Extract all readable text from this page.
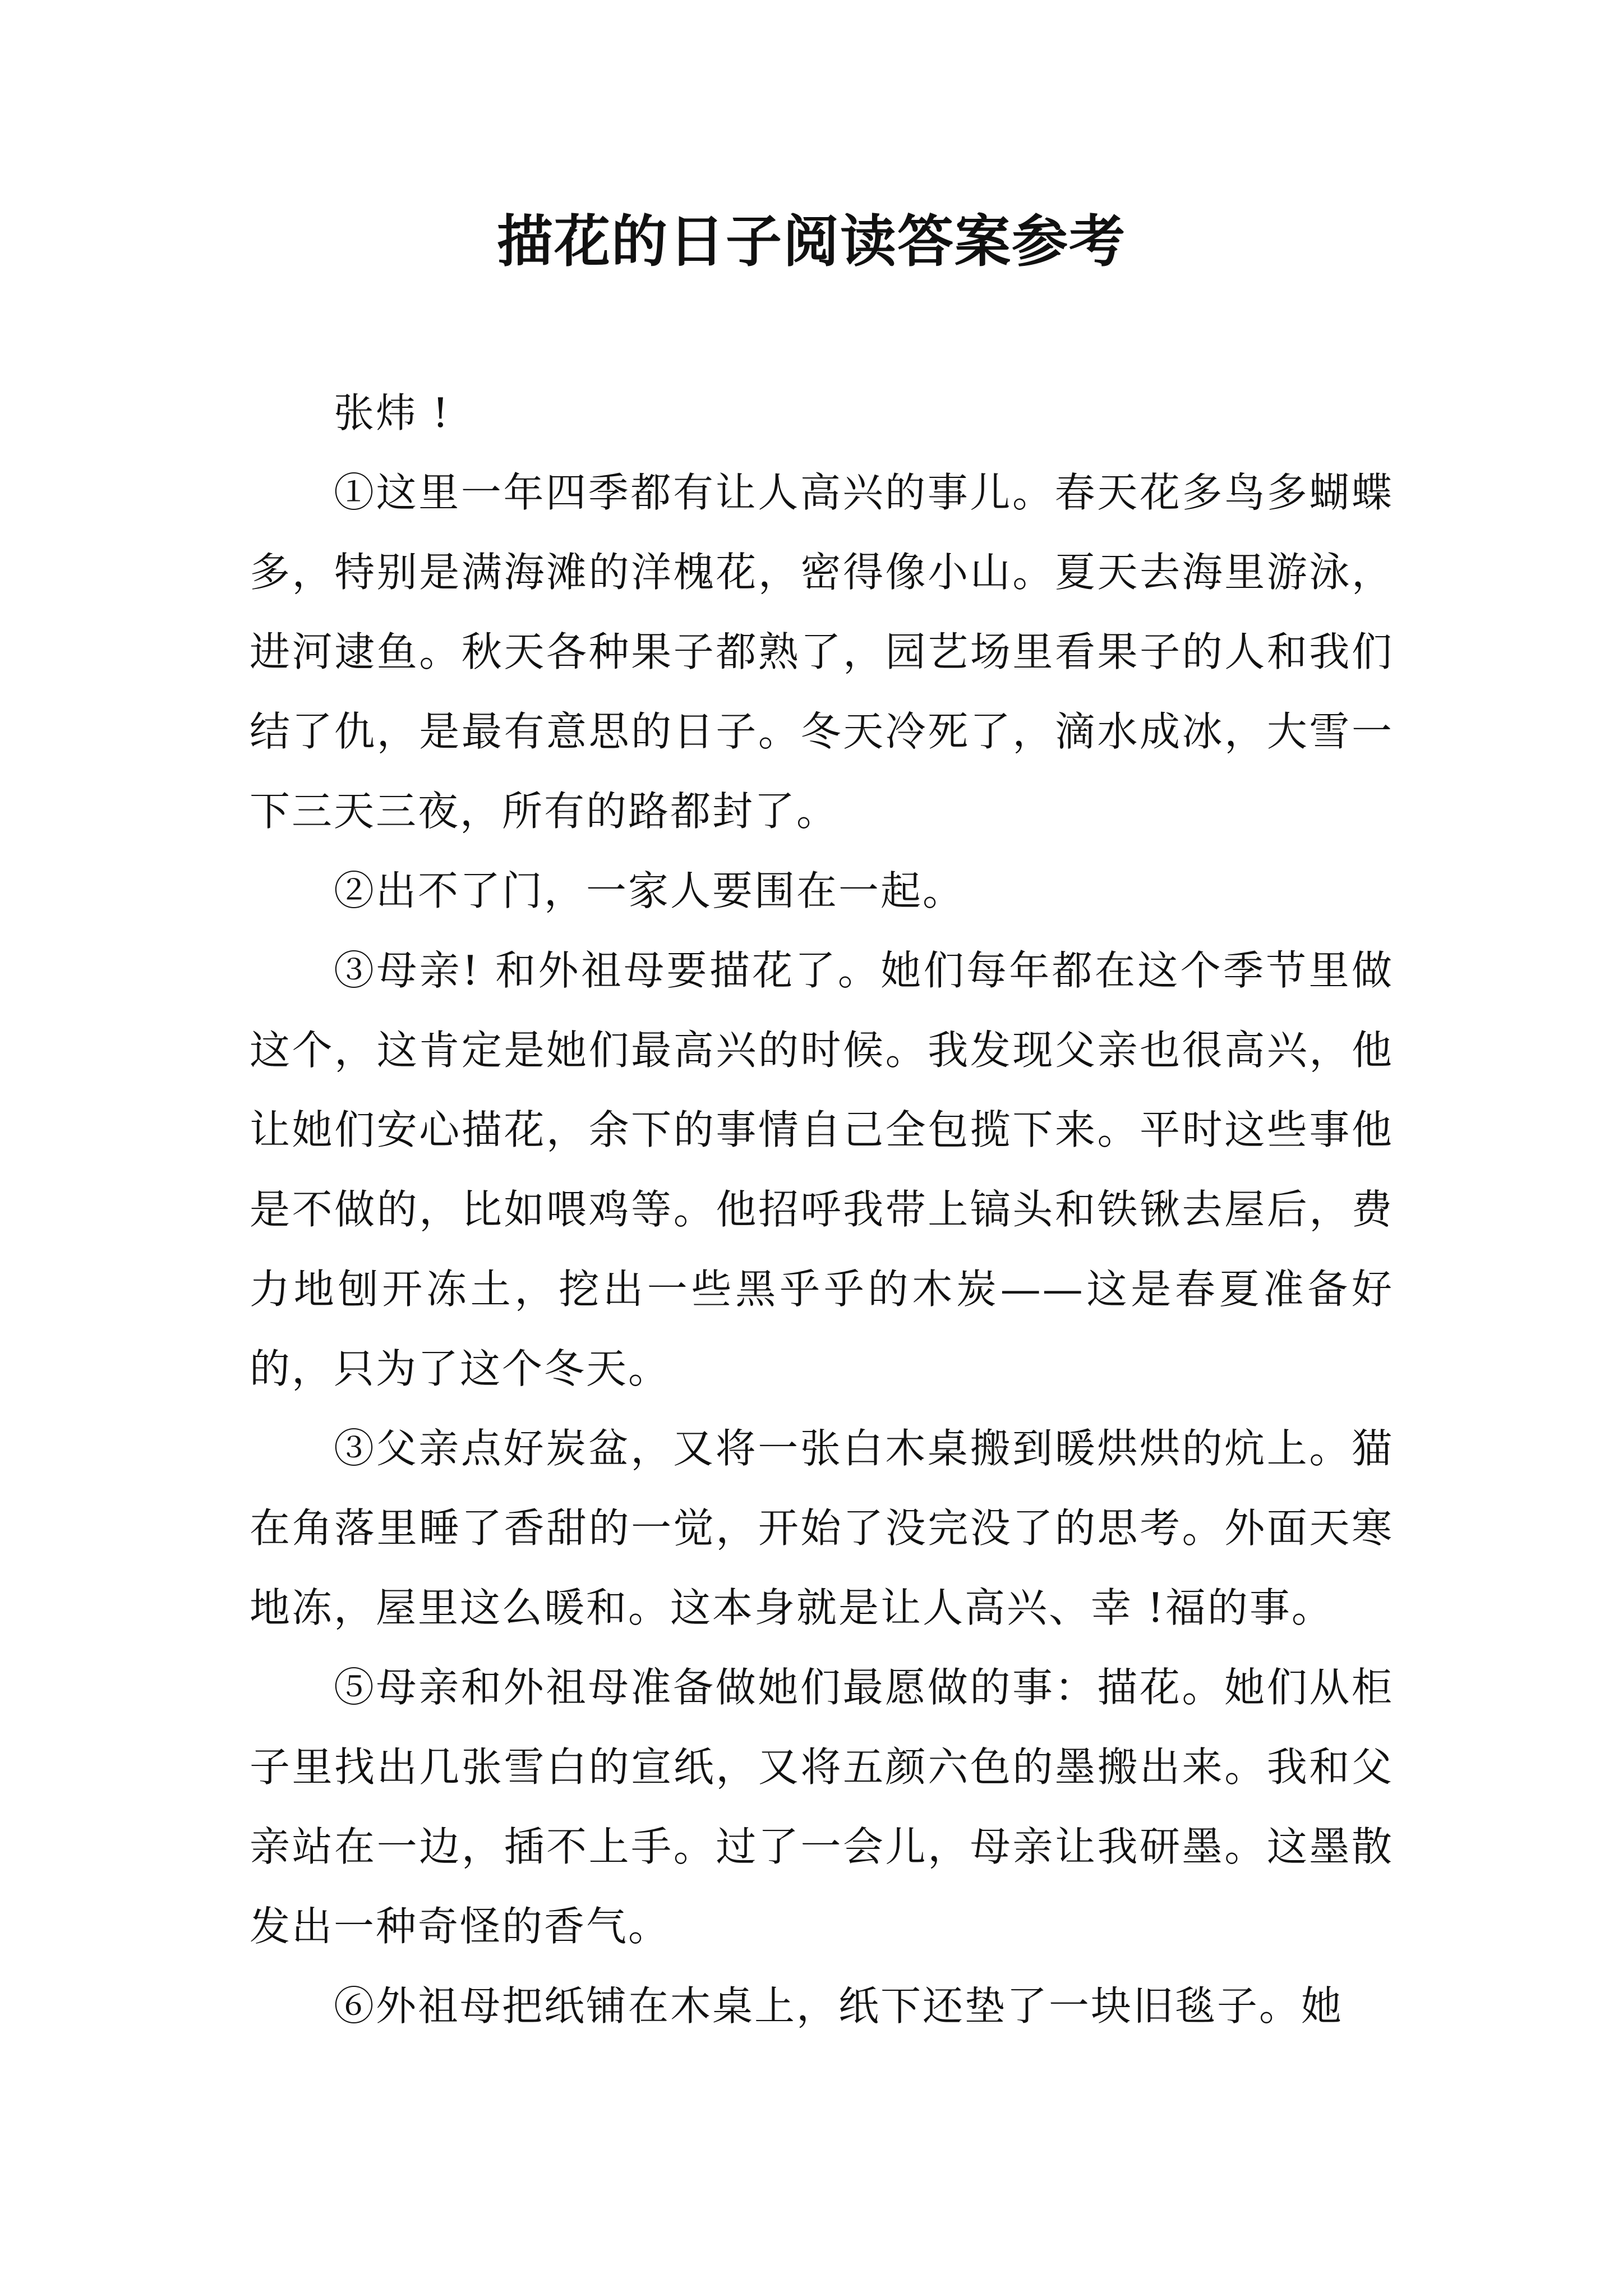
描花的日子阅读答案参考

张炜 !

①这里一年四季都有让人高兴的事儿。春天花多鸟多蝴蝶多，特别是满海滩的洋槐花，密得像小山。夏天去海里游泳，进河逮鱼。秋天各种果子都熟了，园艺场里看果子的人和我们结了仇，是最有意思的日子。冬天冷死了，滴水成冰，大雪一下三天三夜，所有的路都封了。

②出不了门，一家人要围在一起。

③母亲! 和外祖母要描花了。她们每年都在这个季节里做这个，这肯定是她们最高兴的时候。我发现父亲也很高兴，他让她们安心描花，余下的事情自己全包揽下来。平时这些事他是不做的，比如喂鸡等。他招呼我带上镐头和铁锹去屋后，费力地刨开冻土，挖出一些黑乎乎的木炭——这是春夏准备好的，只为了这个冬天。

③父亲点好炭盆，又将一张白木桌搬到暖烘烘的炕上。猫在角落里睡了香甜的一觉，开始了没完没了的思考。外面天寒地冻，屋里这么暖和。这本身就是让人高兴、幸 !福的事。

⑤母亲和外祖母准备做她们最愿做的事：描花。她们从柜子里找出几张雪白的宣纸，又将五颜六色的墨搬出来。我和父亲站在一边，插不上手。过了一会儿，母亲让我研墨。这墨散发出一种奇怪的香气。

⑥外祖母把纸铺在木桌上，纸下还垫了一块旧毯子。她
